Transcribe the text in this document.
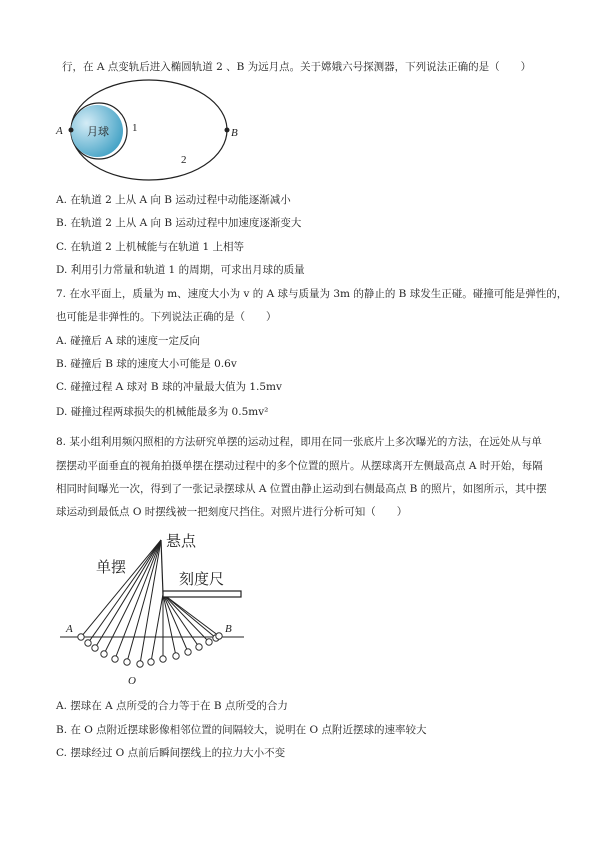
行，在 A 点变轨后进入椭圆轨道 2 、B 为远月点。关于嫦娥六号探测器，下列说法正确的是（　　）
月球
A	B
1
2
A. 在轨道 2 上从 A 向 B 运动过程中动能逐渐减小
B. 在轨道 2 上从 A 向 B 运动过程中加速度逐渐变大
C. 在轨道 2 上机械能与在轨道 1 上相等
D. 利用引力常量和轨道 1 的周期，可求出月球的质量
7. 在水平面上，质量为 m、速度大小为 v 的 A 球与质量为 3m 的静止的 B 球发生正碰。碰撞可能是弹性的，
也可能是非弹性的。下列说法正确的是（　　）
A. 碰撞后 A 球的速度一定反向
B. 碰撞后 B 球的速度大小可能是 0.6v
C. 碰撞过程 A 球对 B 球的冲量最大值为 1.5mv
D. 碰撞过程两球损失的机械能最多为 0.5mv²
8. 某小组利用频闪照相的方法研究单摆的运动过程，即用在同一张底片上多次曝光的方法，在远处从与单
摆摆动平面垂直的视角拍摄单摆在摆动过程中的多个位置的照片。从摆球离开左侧最高点 A 时开始，每隔
相同时间曝光一次，得到了一张记录摆球从 A 位置由静止运动到右侧最高点 B 的照片，如图所示，其中摆
球运动到最低点 O 时摆线被一把刻度尺挡住。对照片进行分析可知（　　）
悬点
单摆
刻度尺
A	B
O
A. 摆球在 A 点所受的合力等于在 B 点所受的合力
B. 在 O 点附近摆球影像相邻位置的间隔较大，说明在 O 点附近摆球的速率较大
C. 摆球经过 O 点前后瞬间摆线上的拉力大小不变
